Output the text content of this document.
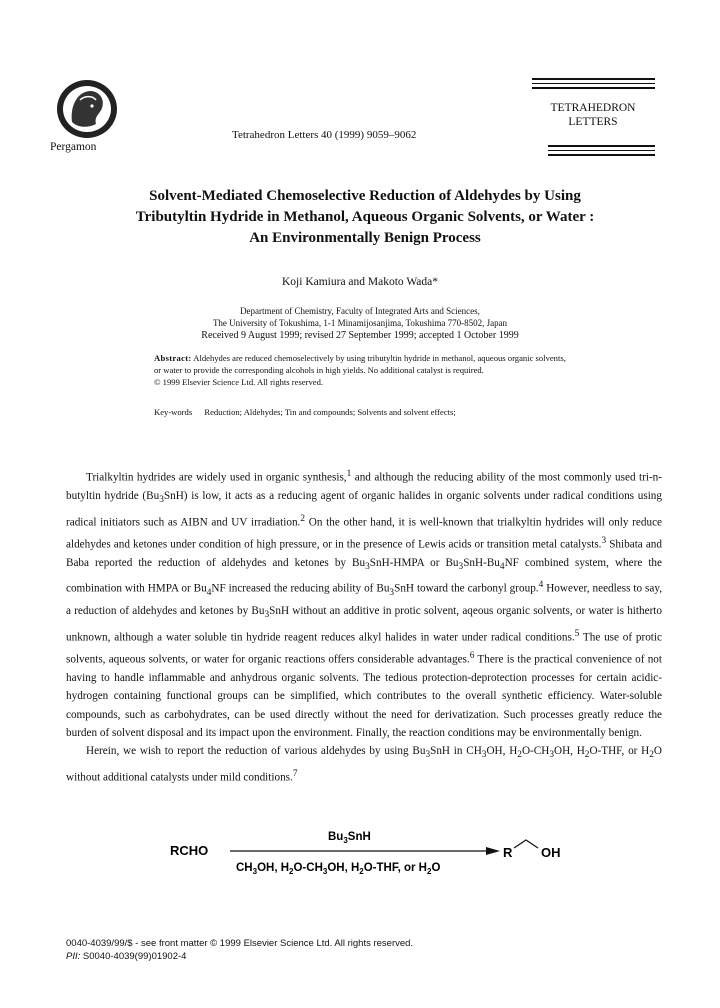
Pergamon
Tetrahedron Letters 40 (1999) 9059–9062
TETRAHEDRON
LETTERS
Solvent-Mediated Chemoselective Reduction of Aldehydes by Using
Tributyltin Hydride in Methanol, Aqueous Organic Solvents, or Water :
An Environmentally Benign Process
Koji Kamiura and Makoto Wada*
Department of Chemistry, Faculty of Integrated Arts and Sciences,
The University of Tokushima, 1-1 Minamijosanjima, Tokushima 770-8502, Japan
Received 9 August 1999; revised 27 September 1999; accepted 1 October 1999
Abstract: Aldehydes are reduced chemoselectively by using tributyltin hydride in methanol, aqueous organic solvents, or water to provide the corresponding alcohols in high yields. No additional catalyst is required.
© 1999 Elsevier Science Ltd. All rights reserved.
Key-words Reduction; Aldehydes; Tin and compounds; Solvents and solvent effects;

Trialkyltin hydrides are widely used in organic synthesis,$^1$ and although the reducing ability of the most commonly used tri-n-butyltin hydride $(Bu_3SnH)$ is low, it acts as a reducing agent of organic halides in organic solvents under radical conditions using radical initiators such as AIBN and UV irradiation.$^2$ On the other hand, it is well-known that trialkyltin hydrides will only reduce aldehydes and ketones under condition of high pressure, or in the presence of Lewis acids or transition metal catalysts.$^3$ Shibata and Baba reported the reduction of aldehydes and ketones by $Bu_3SnH$-HMPA or $Bu_3SnH-Bu_4NF$ combined system, where the combination with HMPA or $Bu_4NF$ increased the reducing ability of $Bu_3SnH$ toward the carbonyl group.$^4$ However, needless to say, a reduction of aldehydes and ketones by $Bu_3SnH$ without an additive in protic solvent, aqeous organic solvents, or water is hitherto unknown, although a water soluble tin hydride reagent reduces alkyl halides in water under radical conditions.$^5$ The use of protic solvents, aqueous solvents, or water for organic reactions offers considerable advantages.$^6$ There is the practical convenience of not having to handle inflammable and anhydrous organic solvents. The tedious protection-deprotection processes for certain acidic-hydrogen containing functional groups can be simplified, which contributes to the overall synthetic efficiency. Water-soluble compounds, such as carbohydrates, can be used directly without the need for derivatization. Such processes greatly reduce the burden of solvent disposal and its impact upon the environment. Finally, the reaction conditions may be environmentally benign.

Herein, we wish to report the reduction of various aldehydes by using $Bu_3SnH$ in $CH_3OH$, $H_2O-CH_3OH$, $H_2O$-THF, or $H_2O$ without additional catalysts under mild conditions.$^7$

RCHO
$Bu_3SnH$
$CH_3OH$, $H_2O-CH_3OH$, $H_2O$-THF, or $H_2O$
R OH
0040-4039/99/$ - see front matter © 1999 Elsevier Science Ltd. All rights reserved.
PII: S0040-4039(99)01902-4
